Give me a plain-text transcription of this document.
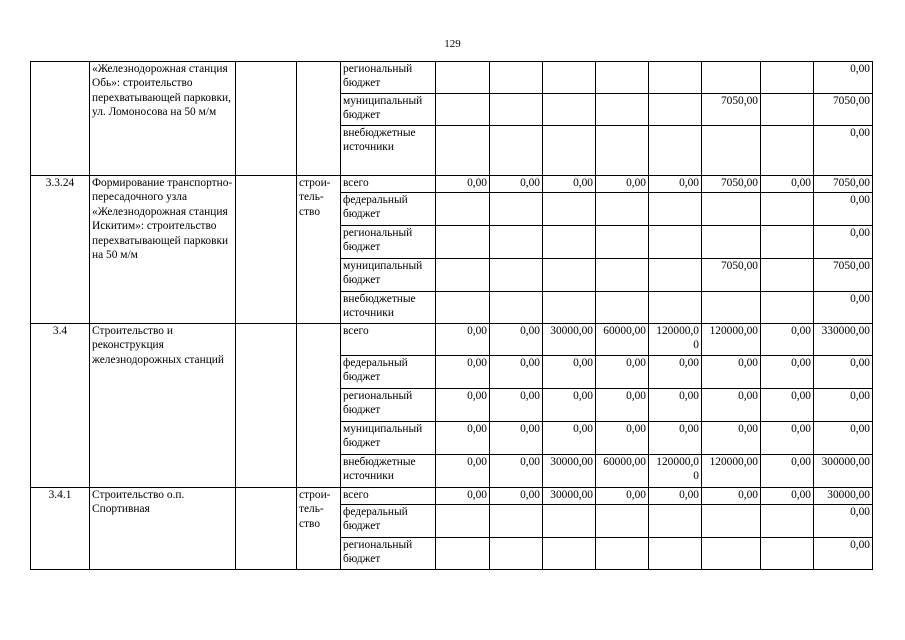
129
	«Железнодорожная станция Обь»: строительство перехватывающей парковки, ул. Ломоносова на 50 м/м			региональный бюджет								0,00
				муниципальный бюджет						7050,00		7050,00
				внебюджетные источники								0,00
3.3.24	Формирование транспортно-пересадочного узла «Железнодорожная станция Искитим»: строительство перехватывающей парковки на 50 м/м		строи-тель-ство	всего	0,00	0,00	0,00	0,00	0,00	7050,00	0,00	7050,00
				федеральный бюджет								0,00
				региональный бюджет								0,00
				муниципальный бюджет						7050,00		7050,00
				внебюджетные источники								0,00
3.4	Строительство и реконструкция железнодорожных станций			всего	0,00	0,00	30000,00	60000,00	120000,00	120000,00	0,00	330000,00
				федеральный бюджет	0,00	0,00	0,00	0,00	0,00	0,00	0,00	0,00
				региональный бюджет	0,00	0,00	0,00	0,00	0,00	0,00	0,00	0,00
				муниципальный бюджет	0,00	0,00	0,00	0,00	0,00	0,00	0,00	0,00
				внебюджетные источники	0,00	0,00	30000,00	60000,00	120000,00	120000,00	0,00	300000,00
3.4.1	Строительство о.п. Спортивная		строи-тель-ство	всего	0,00	0,00	30000,00	0,00	0,00	0,00	0,00	30000,00
				федеральный бюджет								0,00
				региональный бюджет								0,00
